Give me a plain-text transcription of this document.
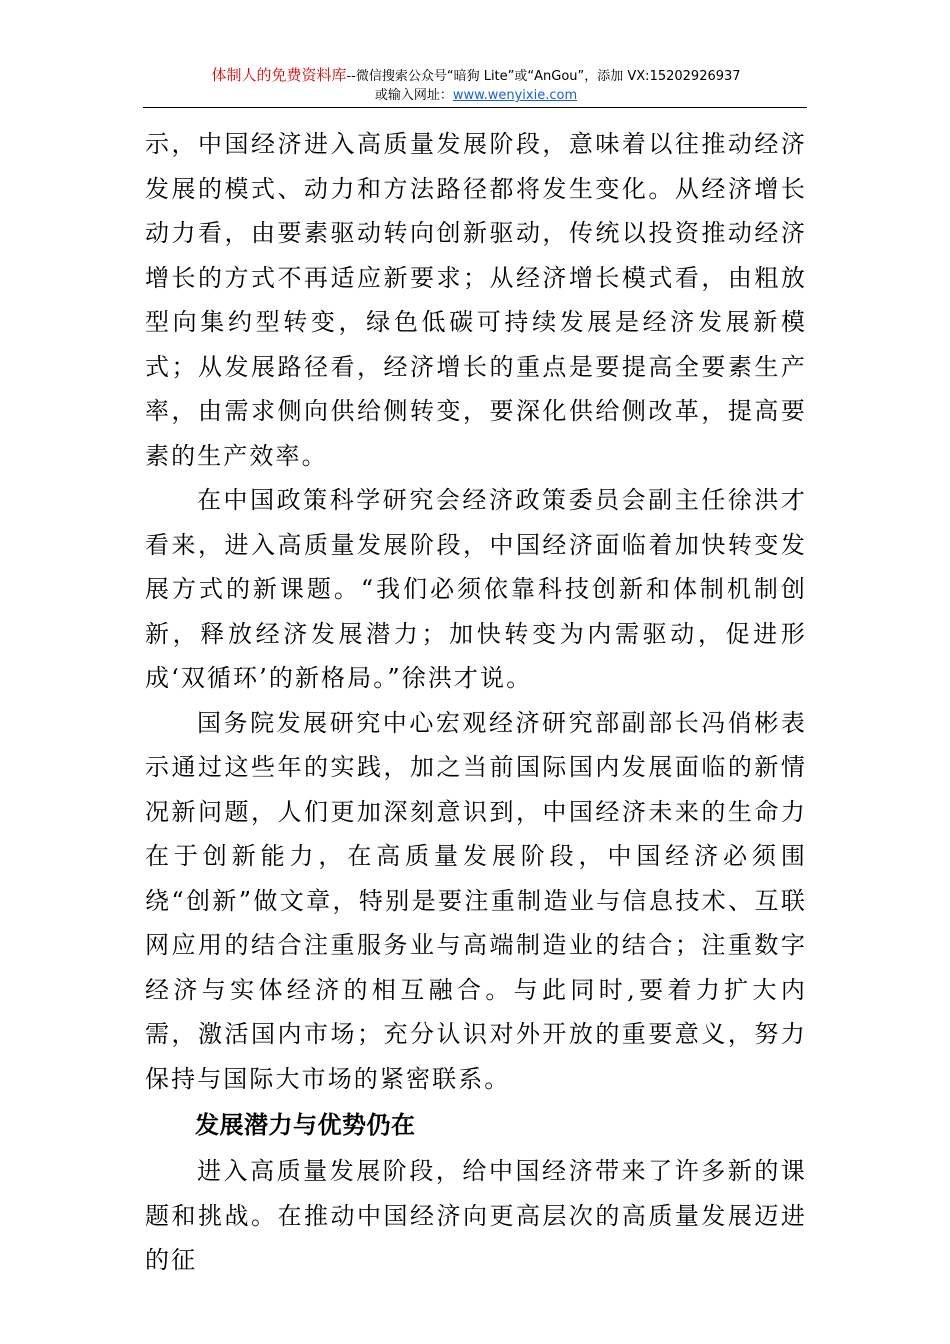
体制人的免费资料库--微信搜索公众号“暗狗 Lite”或“AnGou”，添加 VX:15202926937
或输入网址：www.wenyixie.com

示，中国经济进入高质量发展阶段，意味着以往推动经济发展的模式、动力和方法路径都将发生变化。从经济增长动力看，由要素驱动转向创新驱动，传统以投资推动经济增长的方式不再适应新要求；从经济增长模式看，由粗放型向集约型转变，绿色低碳可持续发展是经济发展新模式；从发展路径看，经济增长的重点是要提高全要素生产率，由需求侧向供给侧转变，要深化供给侧改革，提高要素的生产效率。

在中国政策科学研究会经济政策委员会副主任徐洪才看来，进入高质量发展阶段，中国经济面临着加快转变发展方式的新课题。“我们必须依靠科技创新和体制机制创新，释放经济发展潜力；加快转变为内需驱动，促进形成‘双循环’的新格局。”徐洪才说。

国务院发展研究中心宏观经济研究部副部长冯俏彬表示通过这些年的实践，加之当前国际国内发展面临的新情况新问题，人们更加深刻意识到，中国经济未来的生命力在于创新能力，在高质量发展阶段，中国经济必须围绕“创新”做文章，特别是要注重制造业与信息技术、互联网应用的结合注重服务业与高端制造业的结合；注重数字经济与实体经济的相互融合。与此同时,要着力扩大内需，激活国内市场；充分认识对外开放的重要意义，努力保持与国际大市场的紧密联系。

发展潜力与优势仍在

进入高质量发展阶段，给中国经济带来了许多新的课题和挑战。在推动中国经济向更高层次的高质量发展迈进的征
